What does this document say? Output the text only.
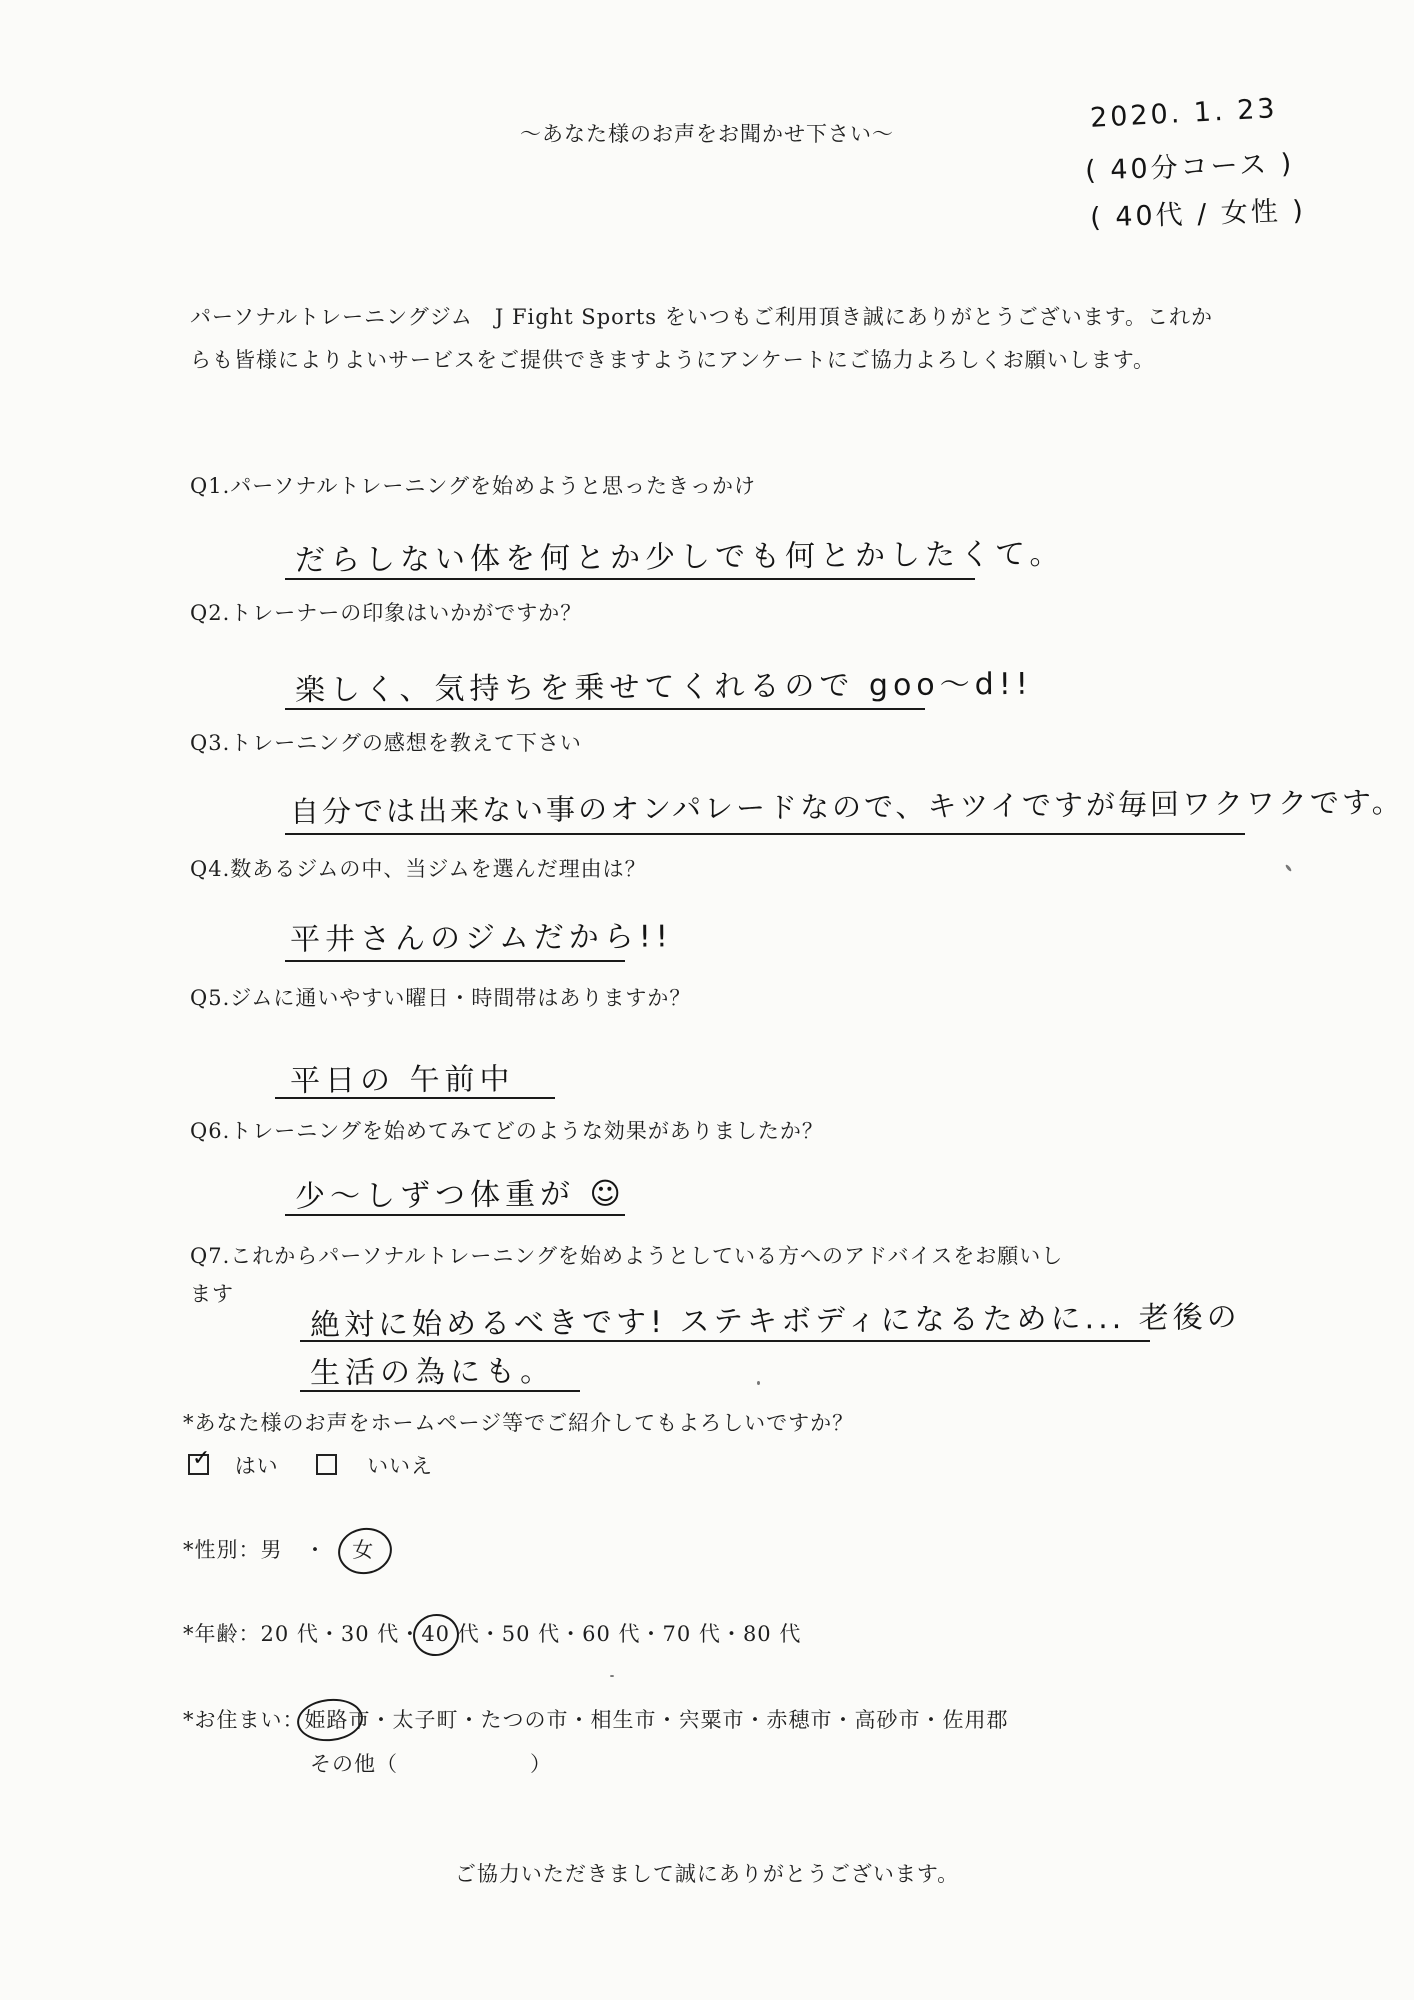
〜あなた様のお声をお聞かせ下さい〜
2020. 1. 23
( 40分コース )
( 40代 / 女性 )
パーソナルトレーニングジム　J Fight Sports をいつもご利用頂き誠にありがとうございます。これからも皆様によりよいサービスをご提供できますようにアンケートにご協力よろしくお願いします。
Q1.パーソナルトレーニングを始めようと思ったきっかけ
だらしない体を何とか少しでも何とかしたくて。
Q2.トレーナーの印象はいかがですか？
楽しく、気持ちを乗せてくれるので goo〜d!!
Q3.トレーニングの感想を教えて下さい
自分では出来ない事のオンパレードなので、キツイですが毎回ワクワクです。
Q4.数あるジムの中、当ジムを選んだ理由は？
平井さんのジムだから!!
Q5.ジムに通いやすい曜日・時間帯はありますか？
平日の 午前中
Q6.トレーニングを始めてみてどのような効果がありましたか？
少〜しずつ体重が ☺
Q7.これからパーソナルトレーニングを始めようとしている方へのアドバイスをお願いし
ます
絶対に始めるべきです! ステキボディになるために... 老後の
生活の為にも。
*あなた様のお声をホームページ等でご紹介してもよろしいですか？
✓ はい	いいえ
*性別：男　・ 女
*年齢：20 代・30 代・40 代
・50 代・60 代・70 代・80 代
*お住まい：姫路市
・太子町・たつの市・相生市・宍粟市・赤穂市・高砂市・佐用郡
その他（　　　　　　）
ご協力いただきまして誠にありがとうございます。
